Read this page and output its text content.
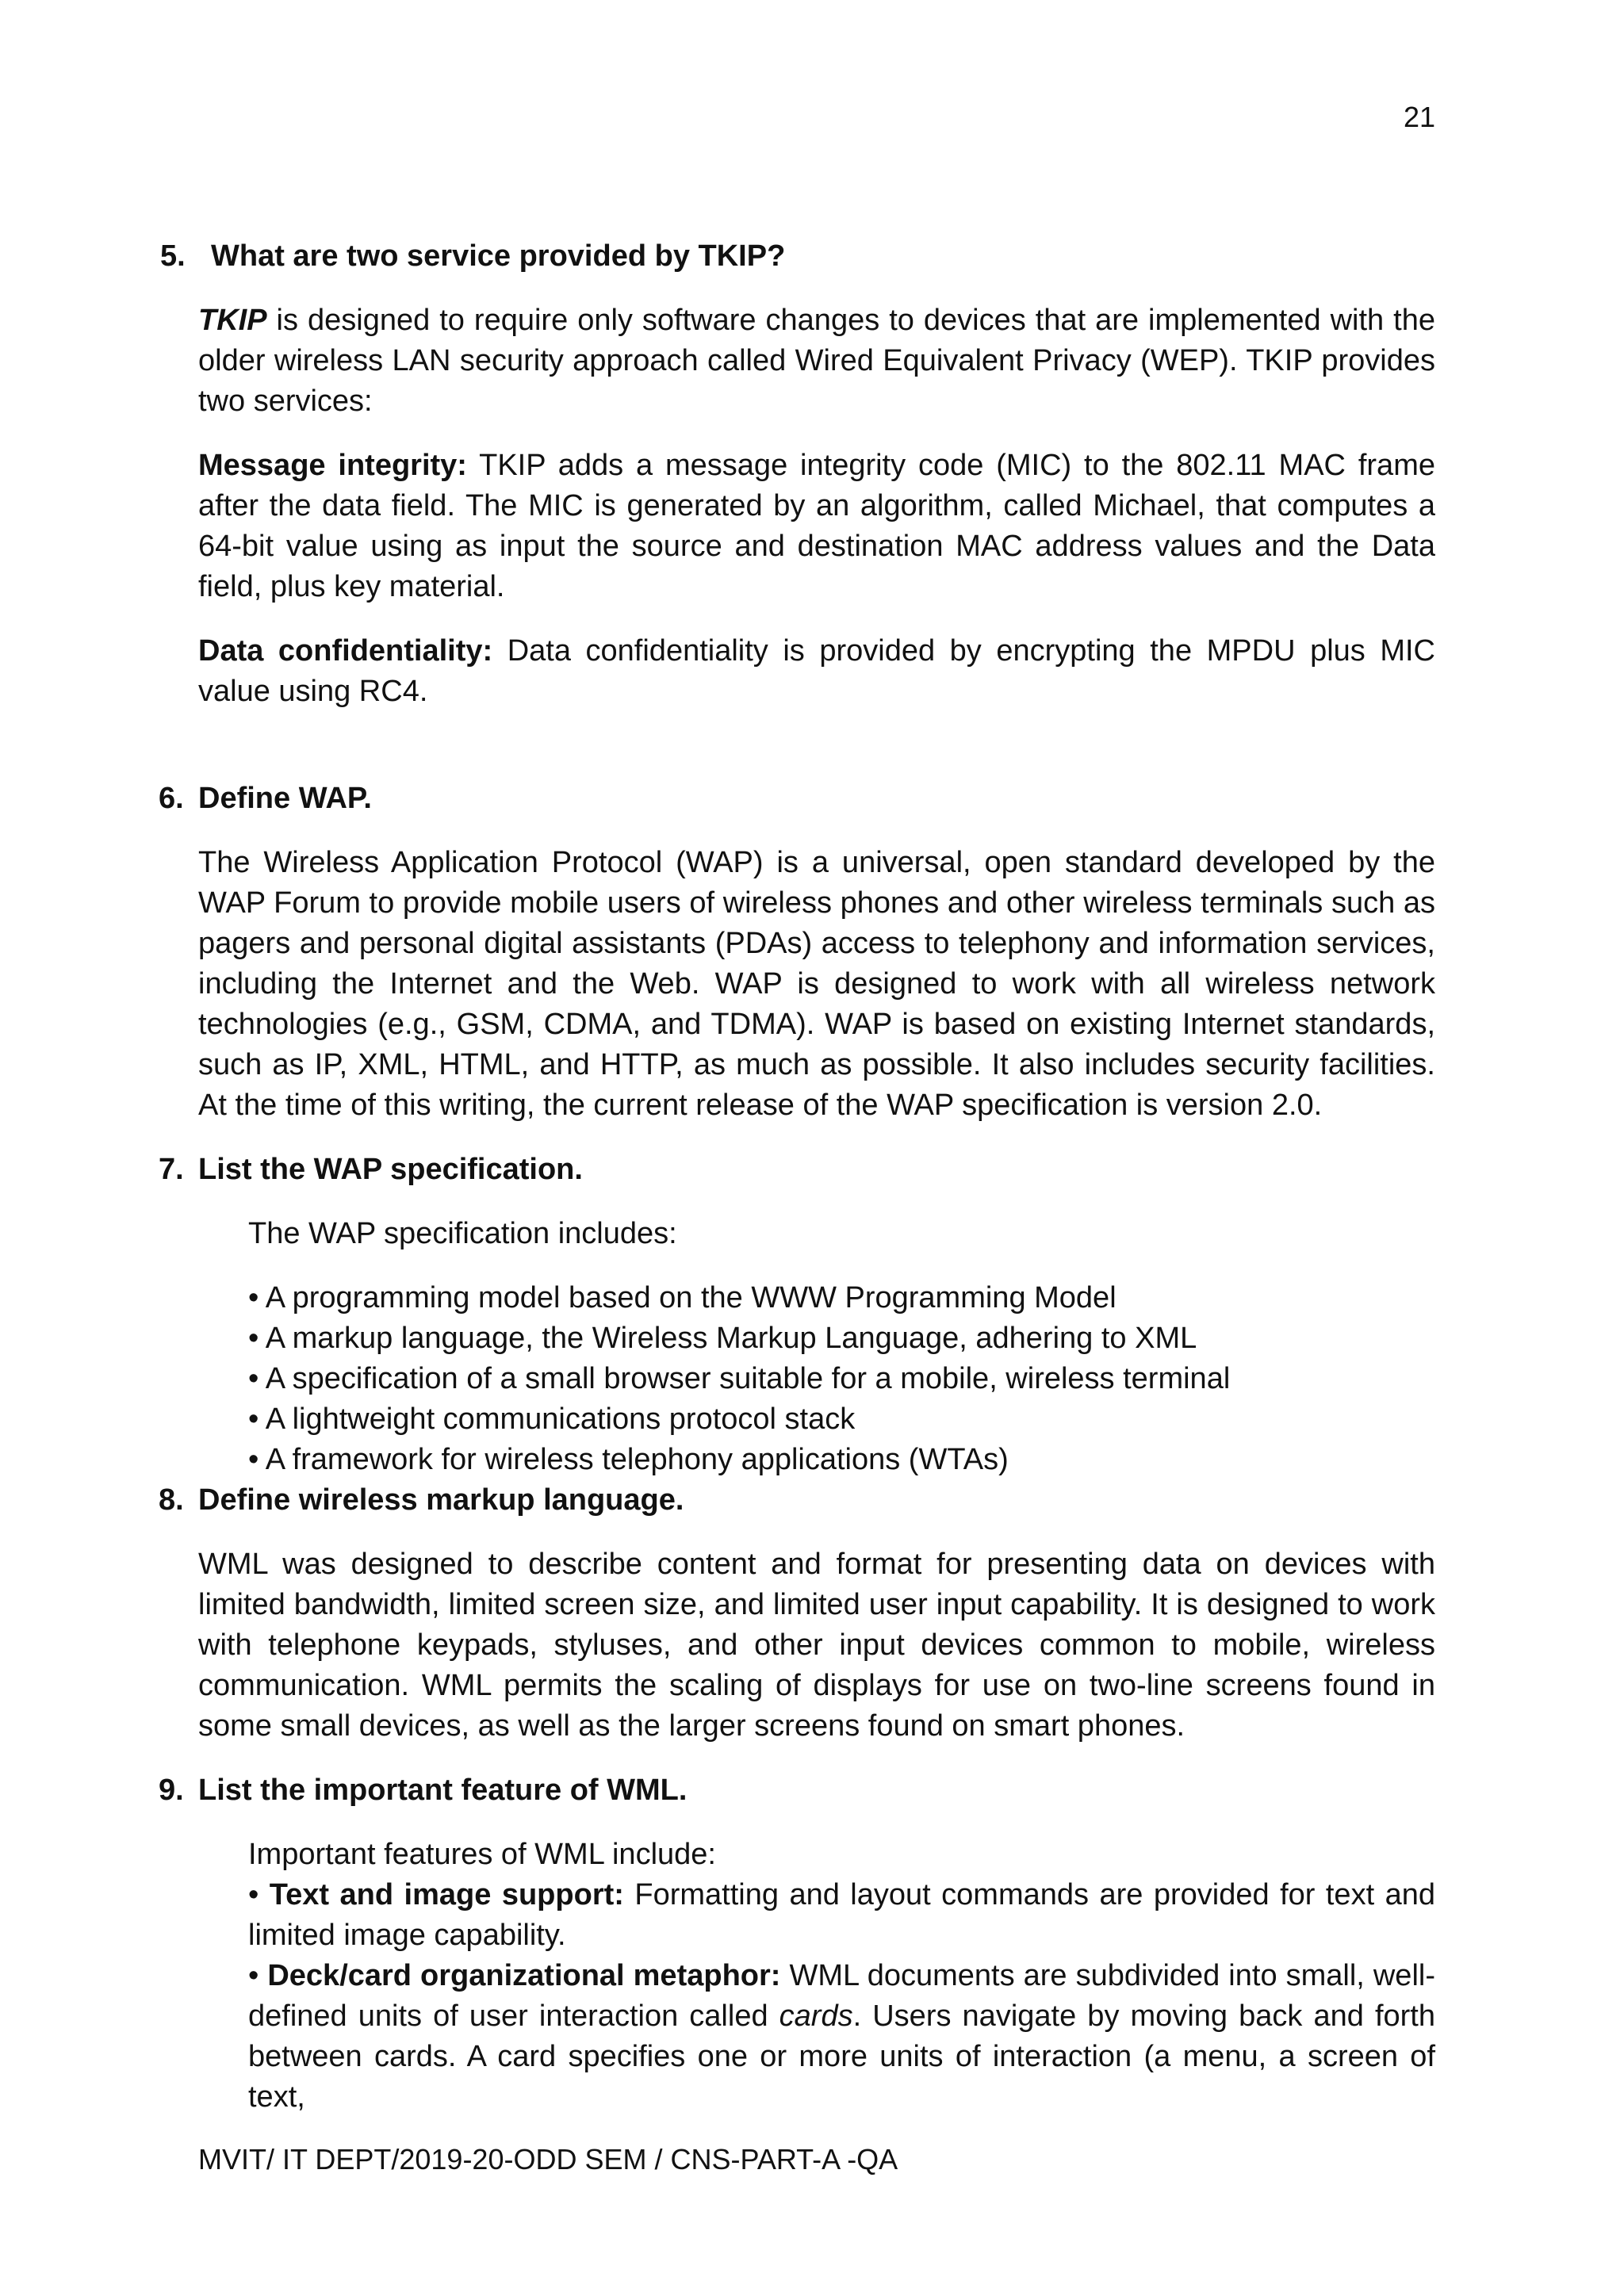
21
5. What are two service provided by TKIP?

TKIP is designed to require only software changes to devices that are implemented with the older wireless LAN security approach called Wired Equivalent Privacy (WEP). TKIP provides two services:

Message integrity: TKIP adds a message integrity code (MIC) to the 802.11 MAC frame after the data field. The MIC is generated by an algorithm, called Michael, that computes a 64-bit value using as input the source and destination MAC address values and the Data field, plus key material.

Data confidentiality: Data confidentiality is provided by encrypting the MPDU plus MIC value using RC4.

6. Define WAP.

The Wireless Application Protocol (WAP) is a universal, open standard developed by the WAP Forum to provide mobile users of wireless phones and other wireless terminals such as pagers and personal digital assistants (PDAs) access to telephony and information services, including the Internet and the Web. WAP is designed to work with all wireless network technologies (e.g., GSM, CDMA, and TDMA). WAP is based on existing Internet standards, such as IP, XML, HTML, and HTTP, as much as possible. It also includes security facilities. At the time of this writing, the current release of the WAP specification is version 2.0.

7. List the WAP specification.

The WAP specification includes:

• A programming model based on the WWW Programming Model
• A markup language, the Wireless Markup Language, adhering to XML
• A specification of a small browser suitable for a mobile, wireless terminal
• A lightweight communications protocol stack
• A framework for wireless telephony applications (WTAs)
8. Define wireless markup language.

WML was designed to describe content and format for presenting data on devices with limited bandwidth, limited screen size, and limited user input capability. It is designed to work with telephone keypads, styluses, and other input devices common to mobile, wireless communication. WML permits the scaling of displays for use on two-line screens found in some small devices, as well as the larger screens found on smart phones.

9. List the important feature of WML.

Important features of WML include:

• Text and image support: Formatting and layout commands are provided for text and limited image capability.

• Deck/card organizational metaphor: WML documents are subdivided into small, well-defined units of user interaction called cards. Users navigate by moving back and forth between cards. A card specifies one or more units of interaction (a menu, a screen of text,

MVIT/ IT DEPT/2019-20-ODD SEM / CNS-PART-A -QA
